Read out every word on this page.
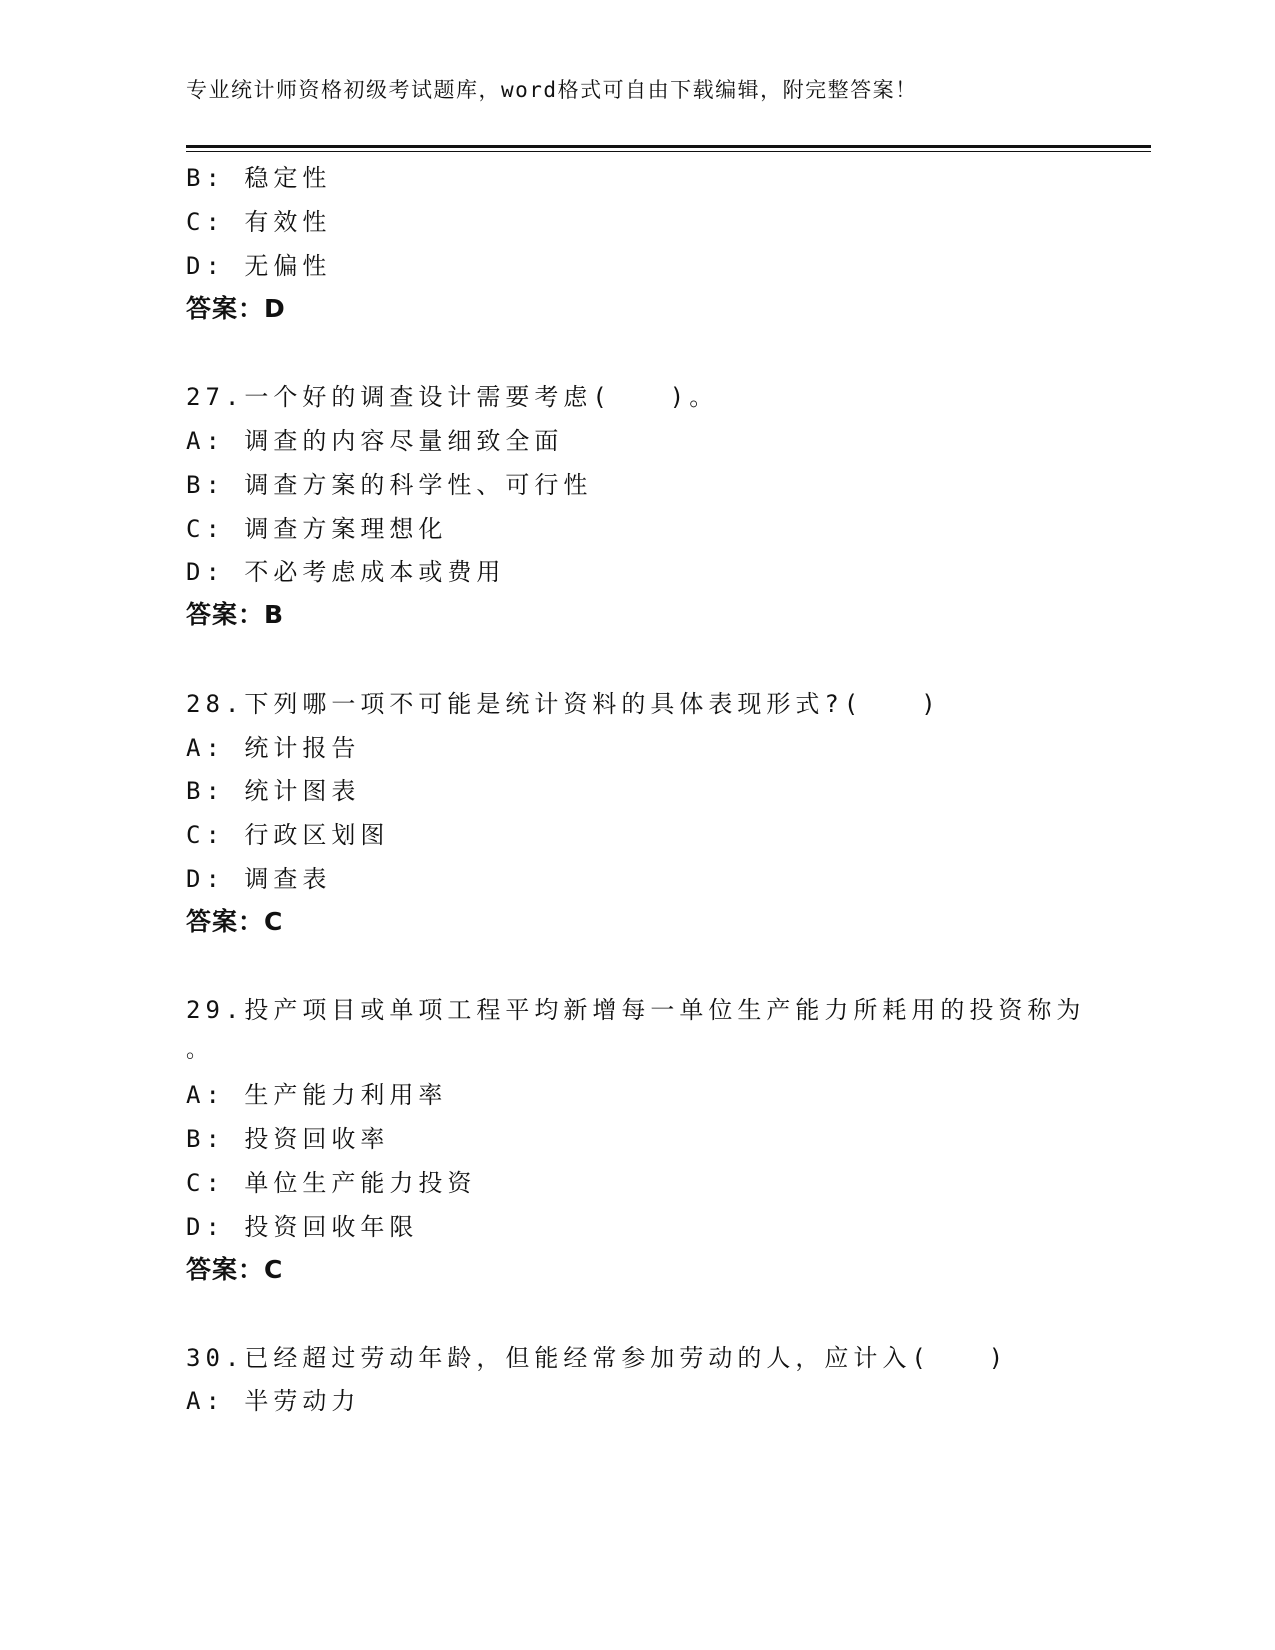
专业统计师资格初级考试题库，word格式可自由下载编辑，附完整答案！
B: 稳定性
C: 有效性
D: 无偏性
答案：D
27.一个好的调查设计需要考虑(　　)。
A: 调查的内容尽量细致全面
B: 调查方案的科学性、可行性
C: 调查方案理想化
D: 不必考虑成本或费用
答案：B
28.下列哪一项不可能是统计资料的具体表现形式?(　　)
A: 统计报告
B: 统计图表
C: 行政区划图
D: 调查表
答案：C
29.投产项目或单项工程平均新增每一单位生产能力所耗用的投资称为
。
A: 生产能力利用率
B: 投资回收率
C: 单位生产能力投资
D: 投资回收年限
答案：C
30.已经超过劳动年龄，但能经常参加劳动的人，应计入(　　)
A: 半劳动力
